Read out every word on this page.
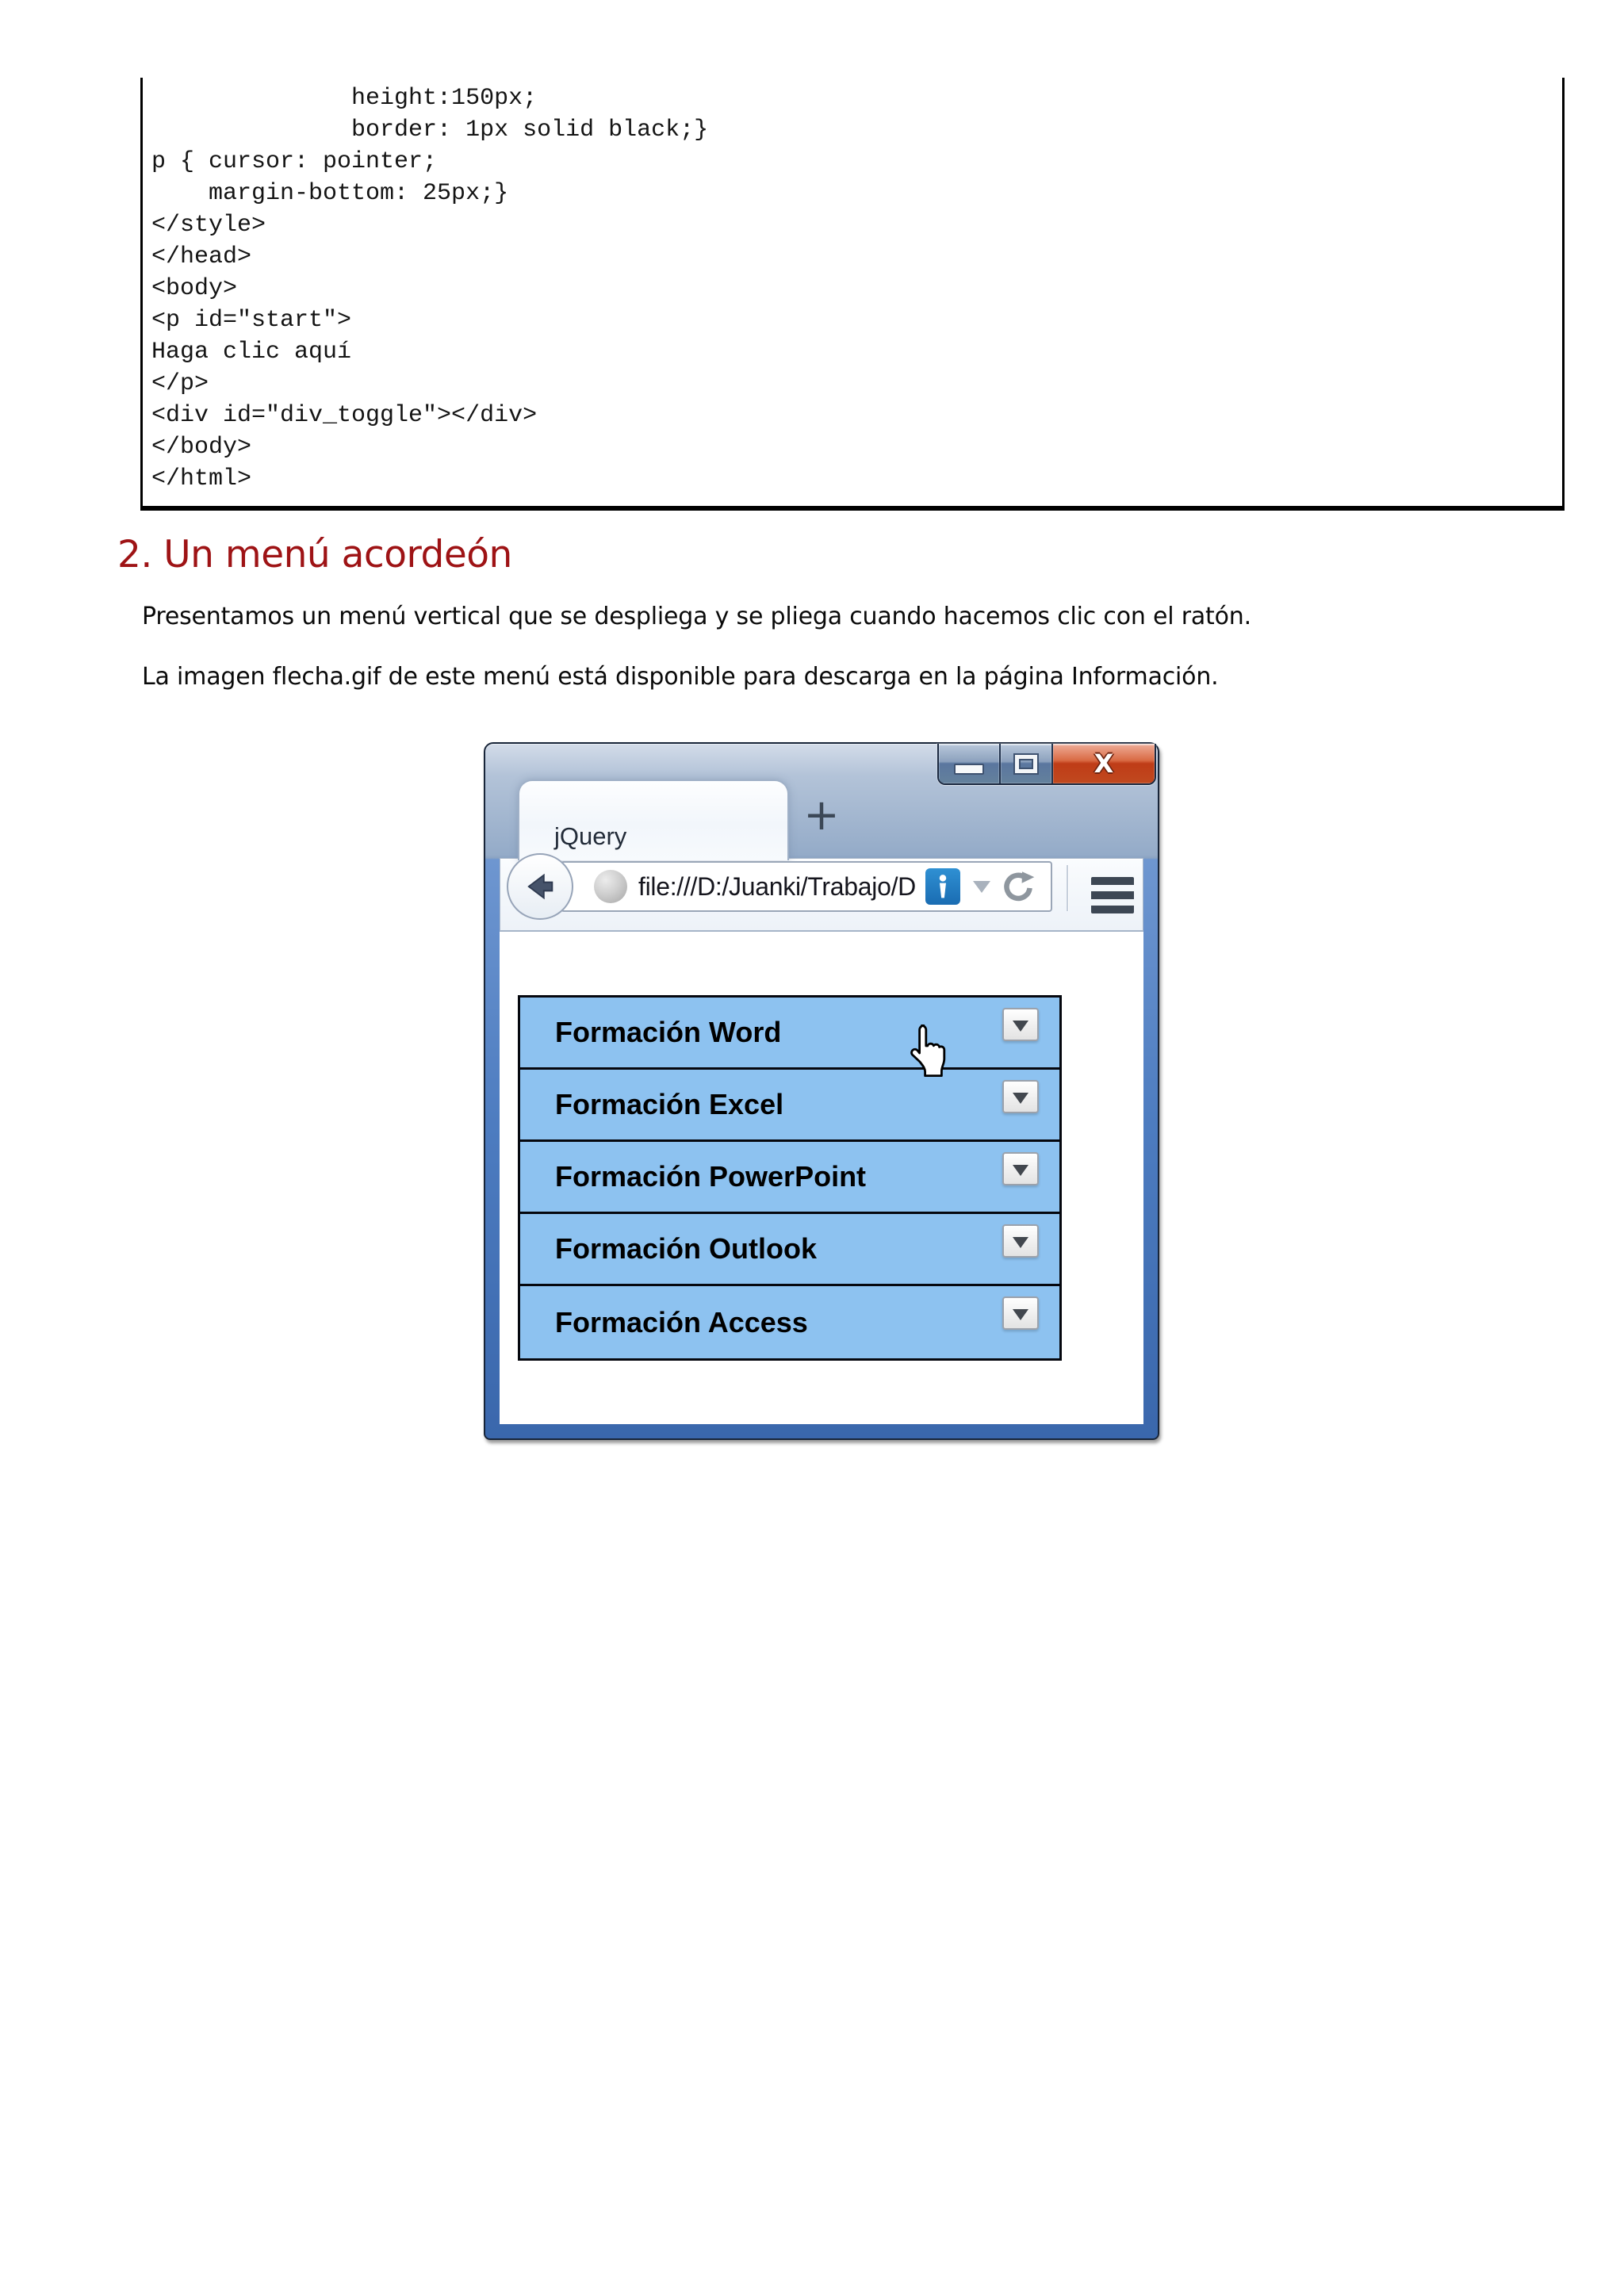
height:150px;
border: 1px solid black;}
p { cursor: pointer;
margin-bottom: 25px;}
</style>
</head>
<body>
<p id="start">
Haga clic aquí
</p>
<div id="div_toggle"></div>
</body>
</html>
2. Un menú acordeón

Presentamos un menú vertical que se despliega y se pliega cuando hacemos clic con el ratón.

La imagen flecha.gif de este menú está disponible para descarga en la página Información.

X
jQuery	+
file:///D:/Juanki/Trabajo/D
Formación Word
Formación Excel
Formación PowerPoint
Formación Outlook
Formación Access
